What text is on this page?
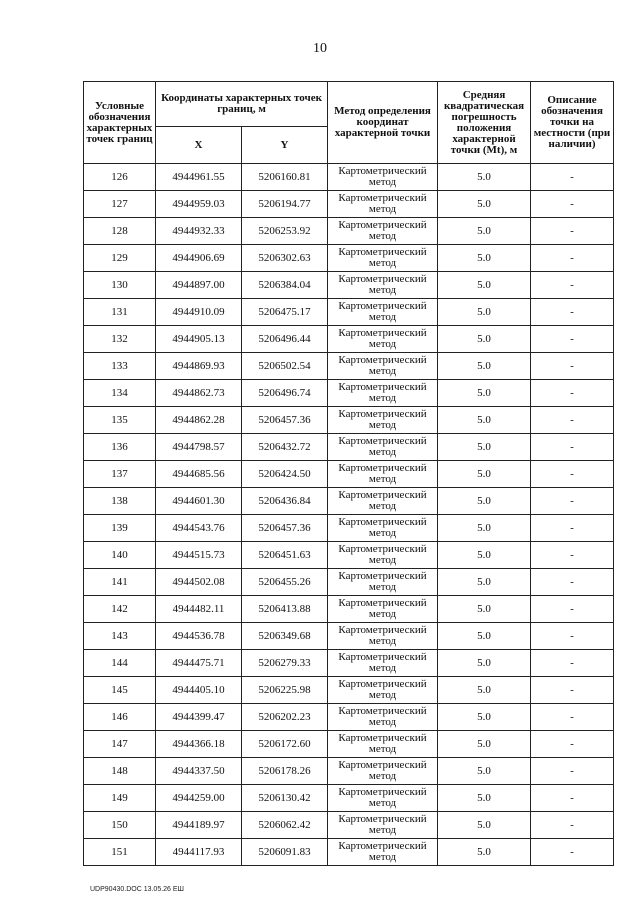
10
Условные обозначения характерных точек границ	Координаты характерных точек границ, м		Метод определения координат характерной точки	Средняя квадратическая погрешность положения характерной точки (Mt), м	Описание обозначения точки на местности (при наличии)
	X	Y			
126	4944961.55	5206160.81	Картометрический метод	5.0	-
127	4944959.03	5206194.77	Картометрический метод	5.0	-
128	4944932.33	5206253.92	Картометрический метод	5.0	-
129	4944906.69	5206302.63	Картометрический метод	5.0	-
130	4944897.00	5206384.04	Картометрический метод	5.0	-
131	4944910.09	5206475.17	Картометрический метод	5.0	-
132	4944905.13	5206496.44	Картометрический метод	5.0	-
133	4944869.93	5206502.54	Картометрический метод	5.0	-
134	4944862.73	5206496.74	Картометрический метод	5.0	-
135	4944862.28	5206457.36	Картометрический метод	5.0	-
136	4944798.57	5206432.72	Картометрический метод	5.0	-
137	4944685.56	5206424.50	Картометрический метод	5.0	-
138	4944601.30	5206436.84	Картометрический метод	5.0	-
139	4944543.76	5206457.36	Картометрический метод	5.0	-
140	4944515.73	5206451.63	Картометрический метод	5.0	-
141	4944502.08	5206455.26	Картометрический метод	5.0	-
142	4944482.11	5206413.88	Картометрический метод	5.0	-
143	4944536.78	5206349.68	Картометрический метод	5.0	-
144	4944475.71	5206279.33	Картометрический метод	5.0	-
145	4944405.10	5206225.98	Картометрический метод	5.0	-
146	4944399.47	5206202.23	Картометрический метод	5.0	-
147	4944366.18	5206172.60	Картометрический метод	5.0	-
148	4944337.50	5206178.26	Картометрический метод	5.0	-
149	4944259.00	5206130.42	Картометрический метод	5.0	-
150	4944189.97	5206062.42	Картометрический метод	5.0	-
151	4944117.93	5206091.83	Картометрический метод	5.0	-
UDP90430.DOC 13.05.26 ЕШ
